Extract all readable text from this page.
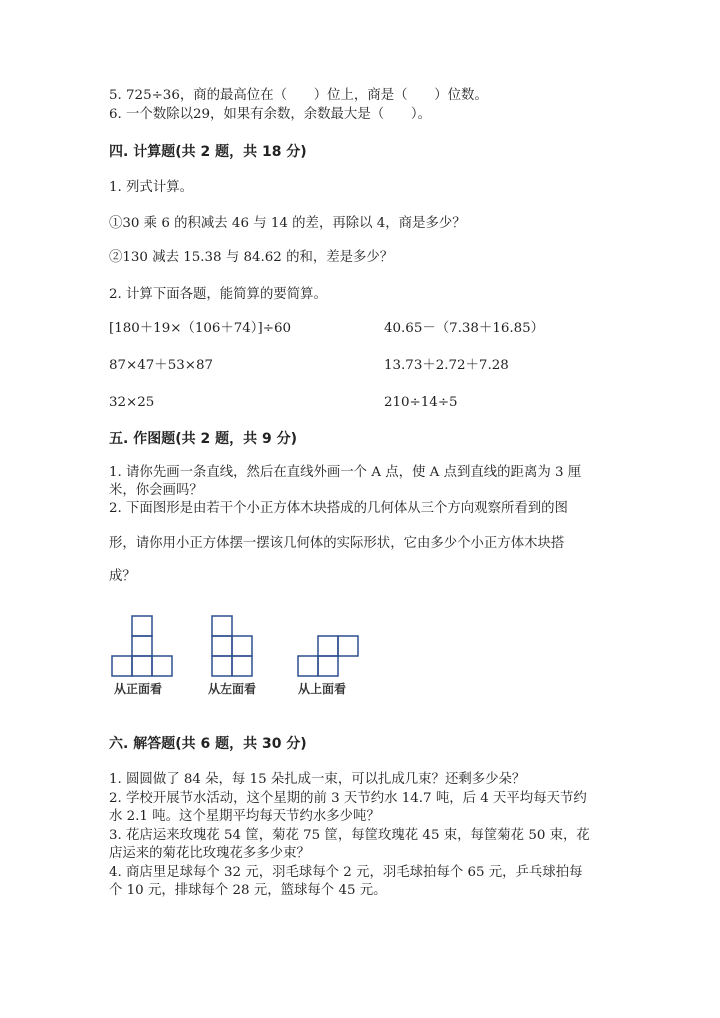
5. 725÷36，商的最高位在（　　）位上，商是（　　）位数。
6. 一个数除以29，如果有余数，余数最大是（　　）。
四. 计算题(共 2 题，共 18 分)
1. 列式计算。
①30 乘 6 的积减去 46 与 14 的差，再除以 4，商是多少？
②130 减去 15.38 与 84.62 的和，差是多少？
2. 计算下面各题，能简算的要简算。
[180＋19×（106＋74）]÷60	40.65－（7.38＋16.85）
87×47＋53×87	13.73＋2.72＋7.28
32×25	210÷14÷5
五. 作图题(共 2 题，共 9 分)
1. 请你先画一条直线，然后在直线外画一个 A 点，使 A 点到直线的距离为 3 厘
米，你会画吗？
2. 下面图形是由若干个小正方体木块搭成的几何体从三个方向观察所看到的图
形，请你用小正方体摆一摆该几何体的实际形状，它由多少个小正方体木块搭
成？
从正面看	从左面看	从上面看
六. 解答题(共 6 题，共 30 分)
1. 圆圆做了 84 朵，每 15 朵扎成一束，可以扎成几束？还剩多少朵？
2. 学校开展节水活动，这个星期的前 3 天节约水 14.7 吨，后 4 天平均每天节约
水 2.1 吨。这个星期平均每天节约水多少吨？
3. 花店运来玫瑰花 54 筐，菊花 75 筐，每筐玫瑰花 45 束，每筐菊花 50 束，花
店运来的菊花比玫瑰花多多少束？
4. 商店里足球每个 32 元，羽毛球每个 2 元，羽毛球拍每个 65 元，乒乓球拍每
个 10 元，排球每个 28 元，篮球每个 45 元。
